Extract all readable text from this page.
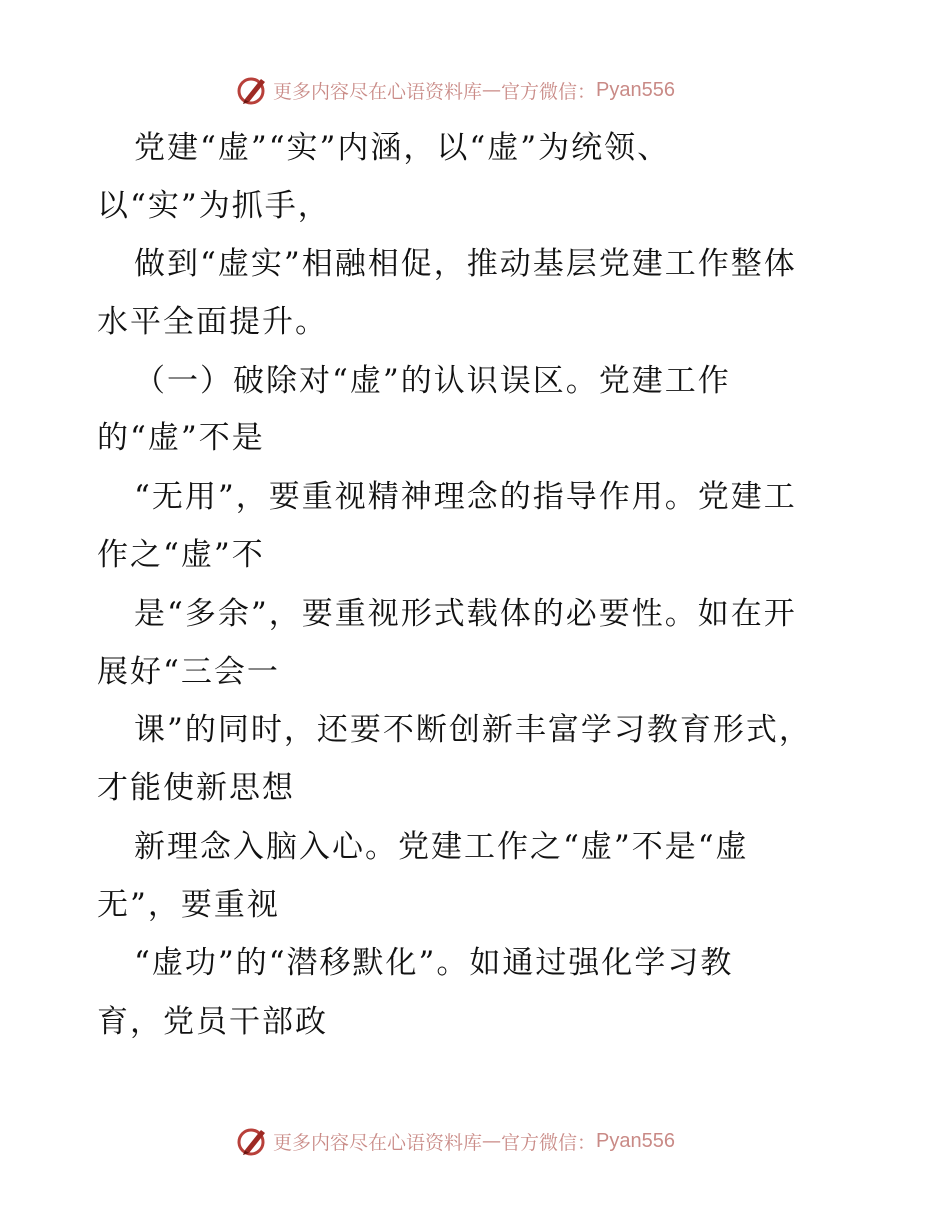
更多内容尽在心语资料库 — 官方微信： Pyan556
党建“虚”“实”内涵，以“虚”为统领、
以“实”为抓手，
做到“虚实”相融相促，推动基层党建工作整体
水平全面提升。
（一）破除对“虚”的认识误区。党建工作
的“虚”不是
“无用”，要重视精神理念的指导作用。党建工
作之“虚”不
是“多余”，要重视形式载体的必要性。如在开
展好“三会一
课”的同时，还要不断创新丰富学习教育形式，
才能使新思想
新理念入脑入心。党建工作之“虚”不是“虚
无”，要重视
“虚功”的“潜移默化”。如通过强化学习教
育，党员干部政
更多内容尽在心语资料库 — 官方微信： Pyan556
